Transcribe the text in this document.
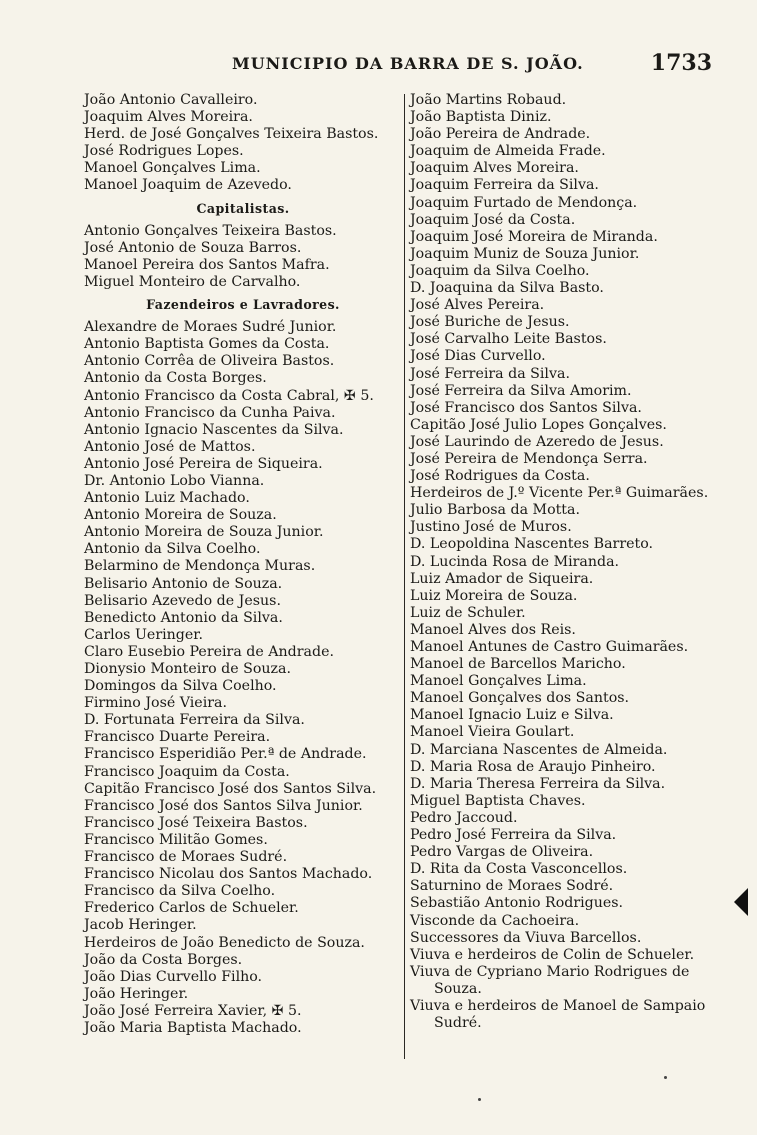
MUNICIPIO DA BARRA DE S. JOÃO.	1733
João Antonio Cavalleiro.
Joaquim Alves Moreira.
Herd. de José Gonçalves Teixeira Bastos.
José Rodrigues Lopes.
Manoel Gonçalves Lima.
Manoel Joaquim de Azevedo.
Capitalistas.
Antonio Gonçalves Teixeira Bastos.
José Antonio de Souza Barros.
Manoel Pereira dos Santos Mafra.
Miguel Monteiro de Carvalho.
Fazendeiros e Lavradores.
Alexandre de Moraes Sudré Junior.
Antonio Baptista Gomes da Costa.
Antonio Corrêa de Oliveira Bastos.
Antonio da Costa Borges.
Antonio Francisco da Costa Cabral, ✠ 5.
Antonio Francisco da Cunha Paiva.
Antonio Ignacio Nascentes da Silva.
Antonio José de Mattos.
Antonio José Pereira de Siqueira.
Dr. Antonio Lobo Vianna.
Antonio Luiz Machado.
Antonio Moreira de Souza.
Antonio Moreira de Souza Junior.
Antonio da Silva Coelho.
Belarmino de Mendonça Muras.
Belisario Antonio de Souza.
Belisario Azevedo de Jesus.
Benedicto Antonio da Silva.
Carlos Ueringer.
Claro Eusebio Pereira de Andrade.
Dionysio Monteiro de Souza.
Domingos da Silva Coelho.
Firmino José Vieira.
D. Fortunata Ferreira da Silva.
Francisco Duarte Pereira.
Francisco Esperidião Per.ª de Andrade.
Francisco Joaquim da Costa.
Capitão Francisco José dos Santos Silva.
Francisco José dos Santos Silva Junior.
Francisco José Teixeira Bastos.
Francisco Militão Gomes.
Francisco de Moraes Sudré.
Francisco Nicolau dos Santos Machado.
Francisco da Silva Coelho.
Frederico Carlos de Schueler.
Jacob Heringer.
Herdeiros de João Benedicto de Souza.
João da Costa Borges.
João Dias Curvello Filho.
João Heringer.
João José Ferreira Xavier, ✠ 5.
João Maria Baptista Machado.
João Martins Robaud.
João Baptista Diniz.
João Pereira de Andrade.
Joaquim de Almeida Frade.
Joaquim Alves Moreira.
Joaquim Ferreira da Silva.
Joaquim Furtado de Mendonça.
Joaquim José da Costa.
Joaquim José Moreira de Miranda.
Joaquim Muniz de Souza Junior.
Joaquim da Silva Coelho.
D. Joaquina da Silva Basto.
José Alves Pereira.
José Buriche de Jesus.
José Carvalho Leite Bastos.
José Dias Curvello.
José Ferreira da Silva.
José Ferreira da Silva Amorim.
José Francisco dos Santos Silva.
Capitão José Julio Lopes Gonçalves.
José Laurindo de Azeredo de Jesus.
José Pereira de Mendonça Serra.
José Rodrigues da Costa.
Herdeiros de J.º Vicente Per.ª Guimarães.
Julio Barbosa da Motta.
Justino José de Muros.
D. Leopoldina Nascentes Barreto.
D. Lucinda Rosa de Miranda.
Luiz Amador de Siqueira.
Luiz Moreira de Souza.
Luiz de Schuler.
Manoel Alves dos Reis.
Manoel Antunes de Castro Guimarães.
Manoel de Barcellos Maricho.
Manoel Gonçalves Lima.
Manoel Gonçalves dos Santos.
Manoel Ignacio Luiz e Silva.
Manoel Vieira Goulart.
D. Marciana Nascentes de Almeida.
D. Maria Rosa de Araujo Pinheiro.
D. Maria Theresa Ferreira da Silva.
Miguel Baptista Chaves.
Pedro Jaccoud.
Pedro José Ferreira da Silva.
Pedro Vargas de Oliveira.
D. Rita da Costa Vasconcellos.
Saturnino de Moraes Sodré.
Sebastião Antonio Rodrigues.
Visconde da Cachoeira.
Successores da Viuva Barcellos.
Viuva e herdeiros de Colin de Schueler.
Viuva de Cypriano Mario Rodrigues de
Souza.
Viuva e herdeiros de Manoel de Sampaio
Sudré.
